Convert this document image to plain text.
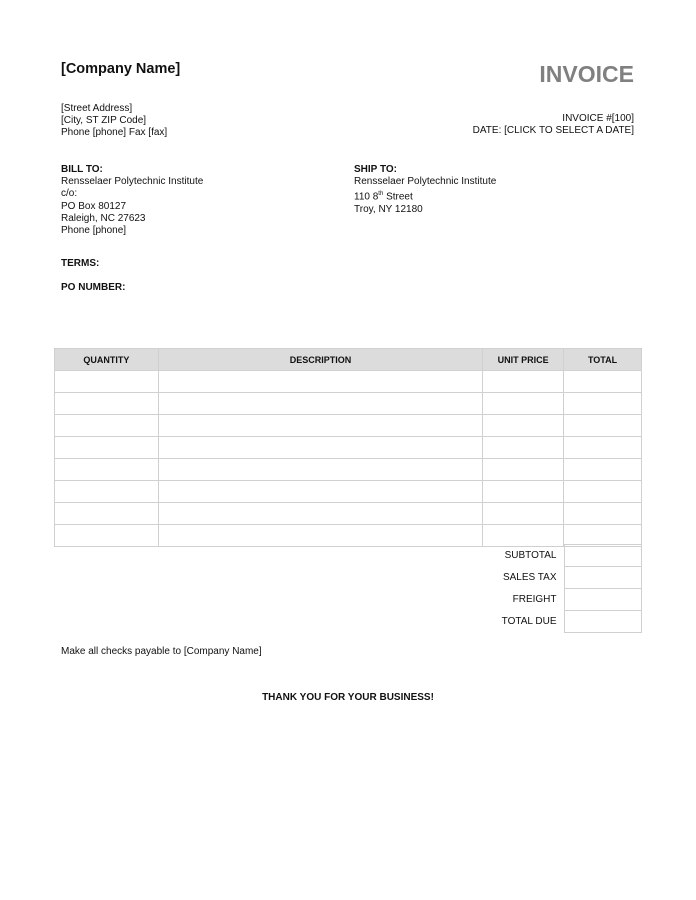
[Company Name]	INVOICE
[Street Address]
[City, ST ZIP Code]
Phone [phone] Fax [fax]
INVOICE #[100]
DATE: [CLICK TO SELECT A DATE]
BILL TO:
Rensselaer Polytechnic Institute
c/o:
PO Box 80127
Raleigh, NC 27623
Phone [phone]
SHIP TO:
Rensselaer Polytechnic Institute
110 8th Street
Troy, NY 12180
TERMS:
PO NUMBER:
QUANTITY	DESCRIPTION	UNIT PRICE	TOTAL

SUBTOTAL	
SALES TAX	
FREIGHT	
TOTAL DUE	
Make all checks payable to [Company Name]
THANK YOU FOR YOUR BUSINESS!
